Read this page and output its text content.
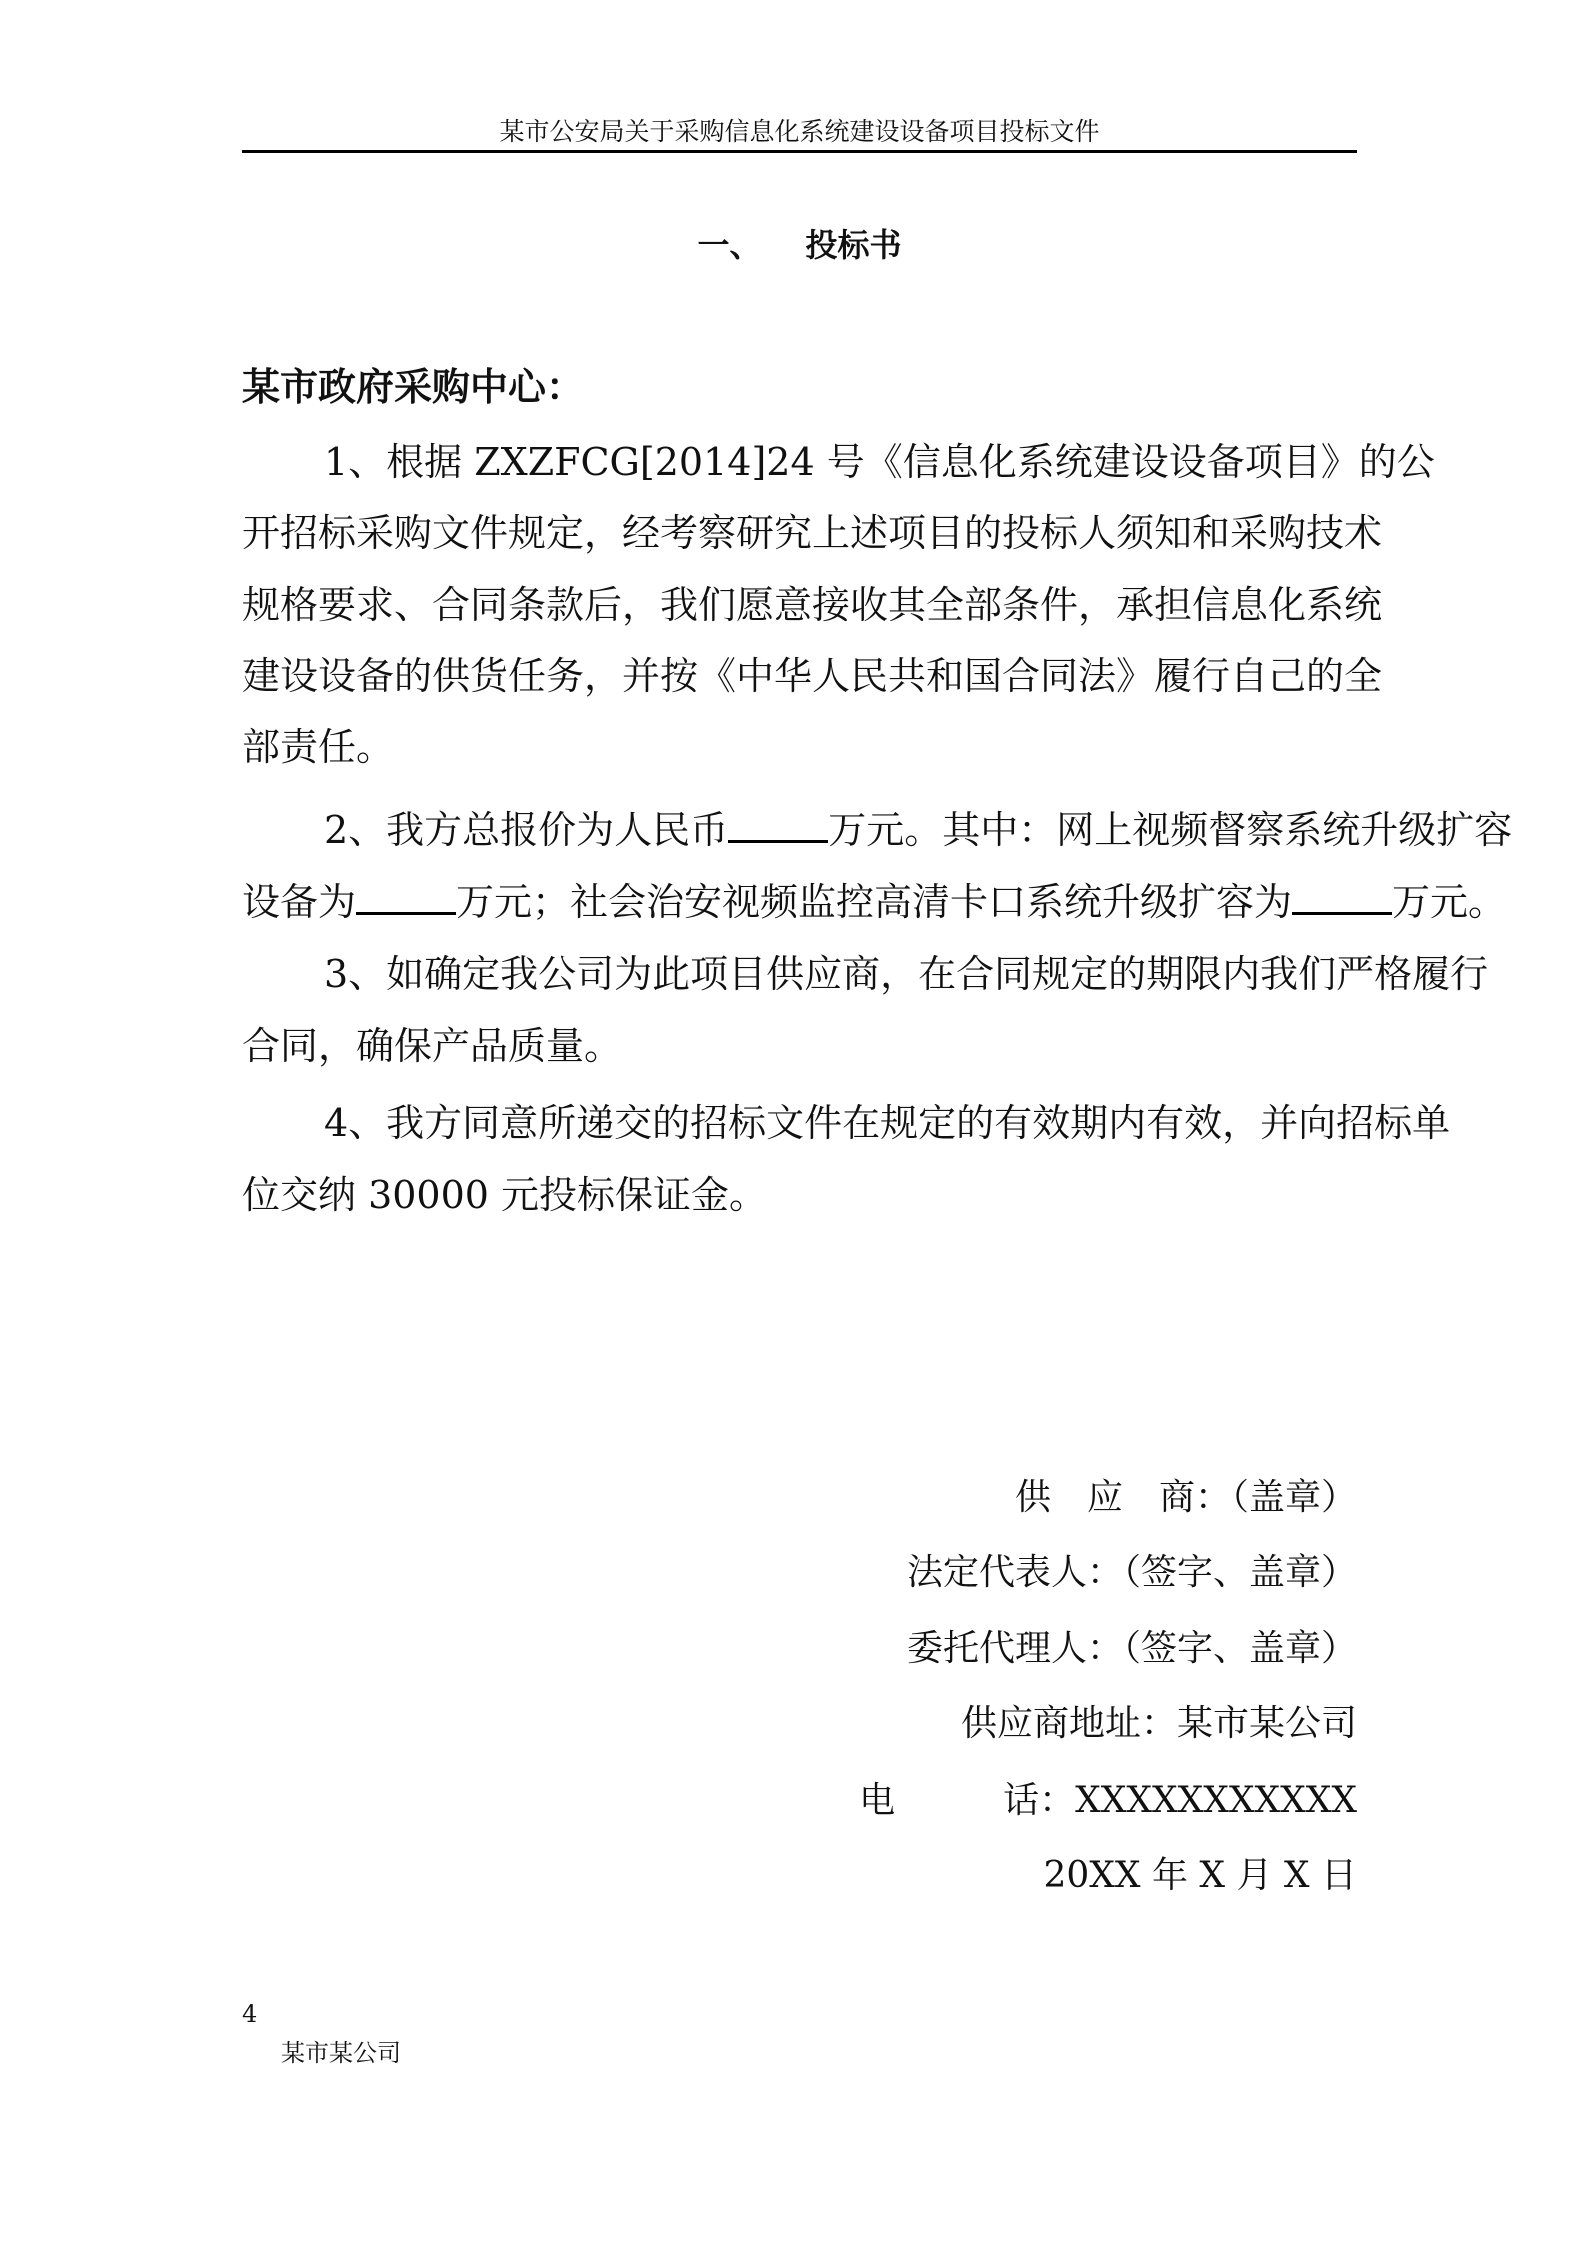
某市公安局关于采购信息化系统建设设备项目投标文件
一、 投标书
某市政府采购中心：
1、根据 ZXZFCG[2014]24 号《信息化系统建设设备项目》的公
开招标采购文件规定，经考察研究上述项目的投标人须知和采购技术
规格要求、合同条款后，我们愿意接收其全部条件，承担信息化系统
建设设备的供货任务，并按《中华人民共和国合同法》履行自己的全
部责任。
2、我方总报价为人民币	万元。其中：网上视频督察系统升级扩容
设备为	万元；社会治安视频监控高清卡口系统升级扩容为	万元。
3、如确定我公司为此项目供应商，在合同规定的期限内我们严格履行
合同，确保产品质量。
4、我方同意所递交的招标文件在规定的有效期内有效，并向招标单
位交纳 30000 元投标保证金。
供　应　商：（盖章）
法定代表人：（签字、盖章）
委托代理人：（签字、盖章）
供应商地址：某市某公司
电　　　话：XXXXXXXXXXX
20XX 年 X 月 X 日
4
某市某公司
